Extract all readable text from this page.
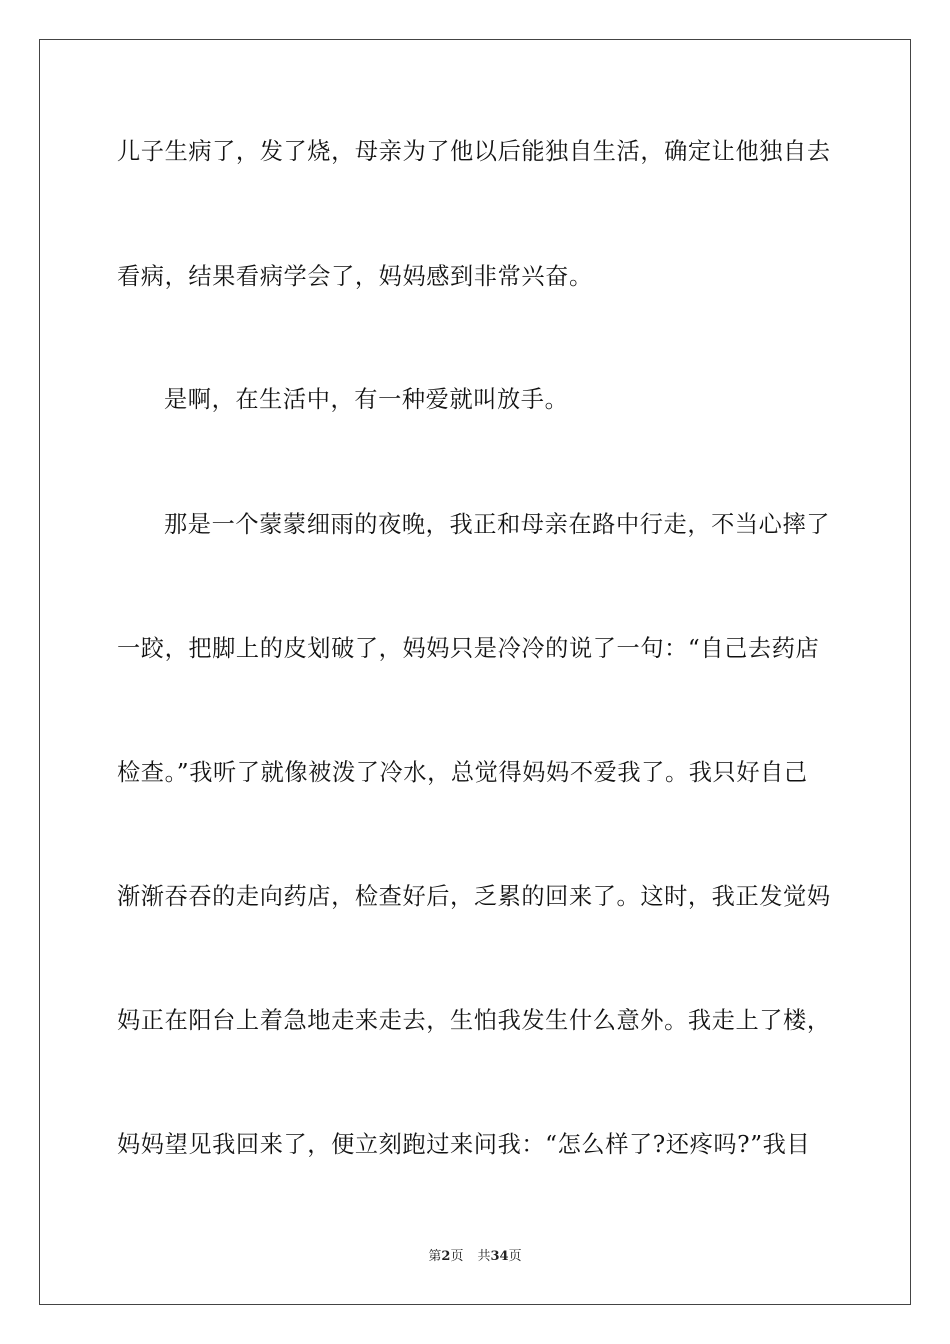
儿子生病了，发了烧，母亲为了他以后能独自生活，确定让他独自去
看病，结果看病学会了，妈妈感到非常兴奋。
是啊，在生活中，有一种爱就叫放手。
那是一个蒙蒙细雨的夜晚，我正和母亲在路中行走，不当心摔了
一跤，把脚上的皮划破了，妈妈只是冷冷的说了一句：“自己去药店
检查。”我听了就像被泼了冷水，总觉得妈妈不爱我了。我只好自己
渐渐吞吞的走向药店，检查好后，乏累的回来了。这时，我正发觉妈
妈正在阳台上着急地走来走去，生怕我发生什么意外。我走上了楼，
妈妈望见我回来了，便立刻跑过来问我：“怎么样了?还疼吗?”我目
第2页 共34页
